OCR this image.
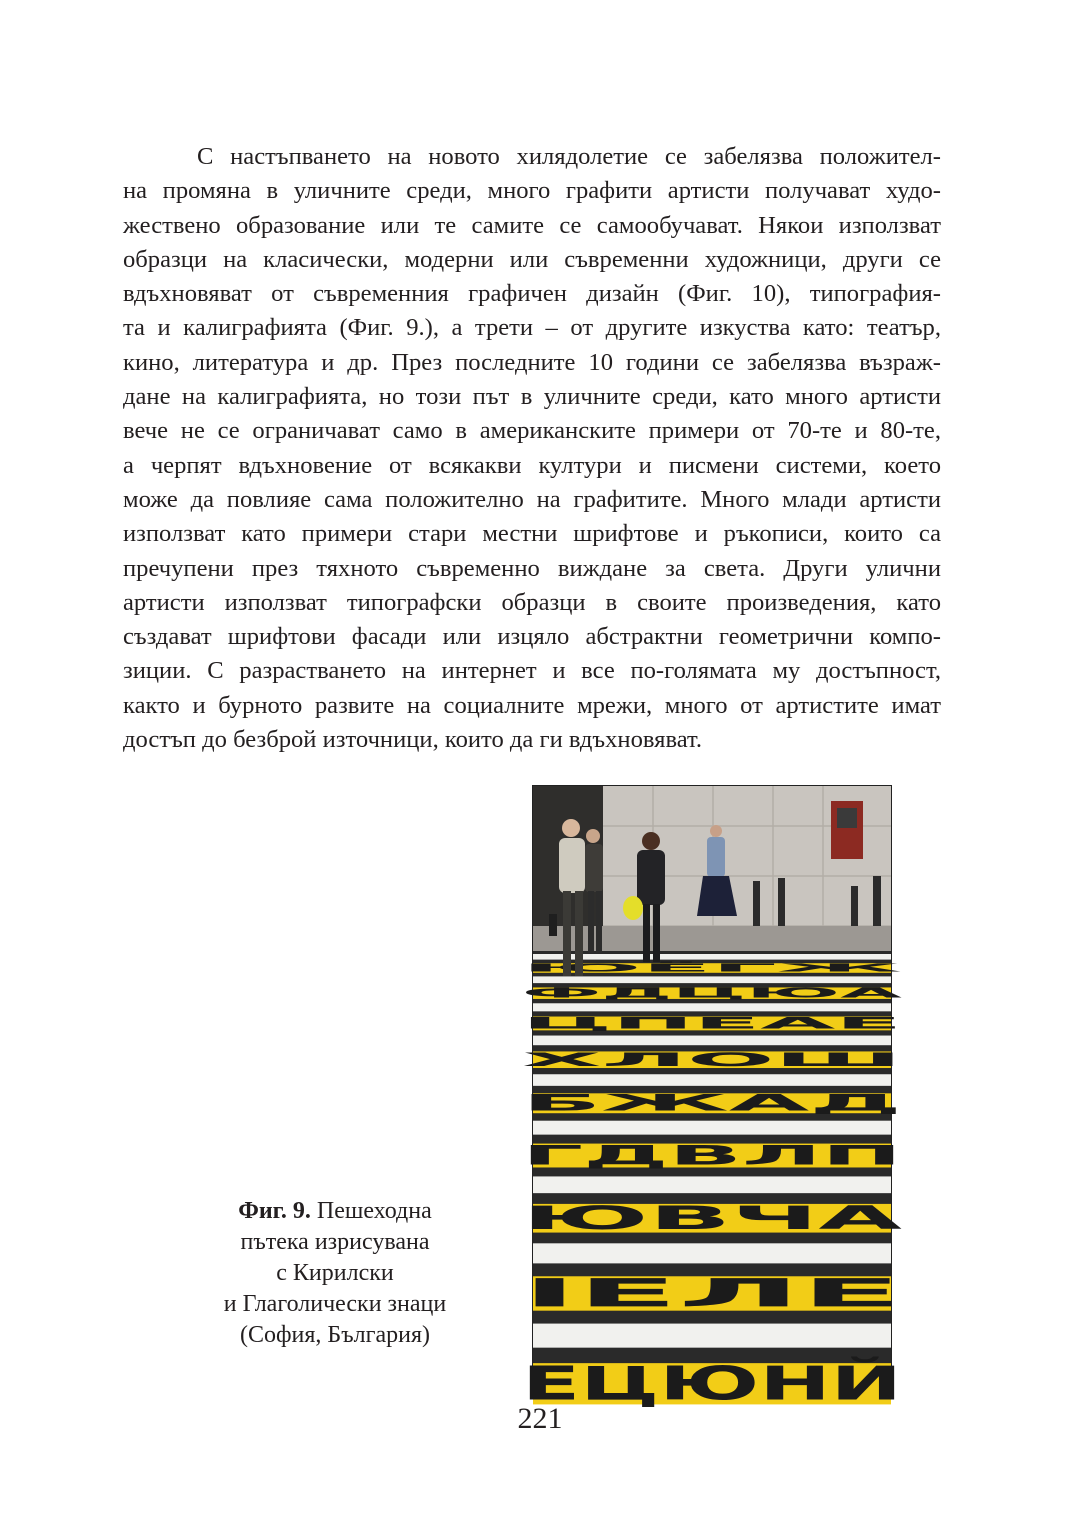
С настъпването на новото хилядолетие се забелязва положител-
на промяна в уличните среди, много графити артисти получават худо-
жествено образование или те самите се самообучават. Някои използват
образци на класически, модерни или съвременни художници, други се
вдъхновяват от съвременния графичен дизайн (Фиг. 10), типография-
та и калиграфията (Фиг. 9.), а трети – от другите изкуства като: театър,
кино, литература и др. През последните 10 години се забелязва възраж-
дане на калиграфията, но този път в уличните среди, като много артисти
вече не се ограничават само в американските примери от 70-те и 80-те,
а черпят вдъхновение от всякакви култури и писмени системи, което
може да повлияе сама положително на графитите. Много млади артисти
използват като примери стари местни шрифтове и ръкописи, които са
пречупени през тяхното съвременно виждане за света. Други улични
артисти използват типографски образци в своите произведения, като
създават шрифтови фасади или изцяло абстрактни геометрични компо-
зиции. С разрастването на интернет и все по-голямата му достъпност,
както и бурното развите на социалните мрежи, много от артистите имат
достъп до безброй източници, които да ги вдъхновяват.
ЮЁГЖ
ФДЦЮА
ЦПЕАЕ
ХЛОШ
БЖАД
ГДВЛП
ЮВЧА
ІЕЛЕ
ЕЦЮНЙ
Фиг. 9. Пешеходна
пътека изрисувана
с Кирилски
и Глаголически знаци
(София, България)
221
